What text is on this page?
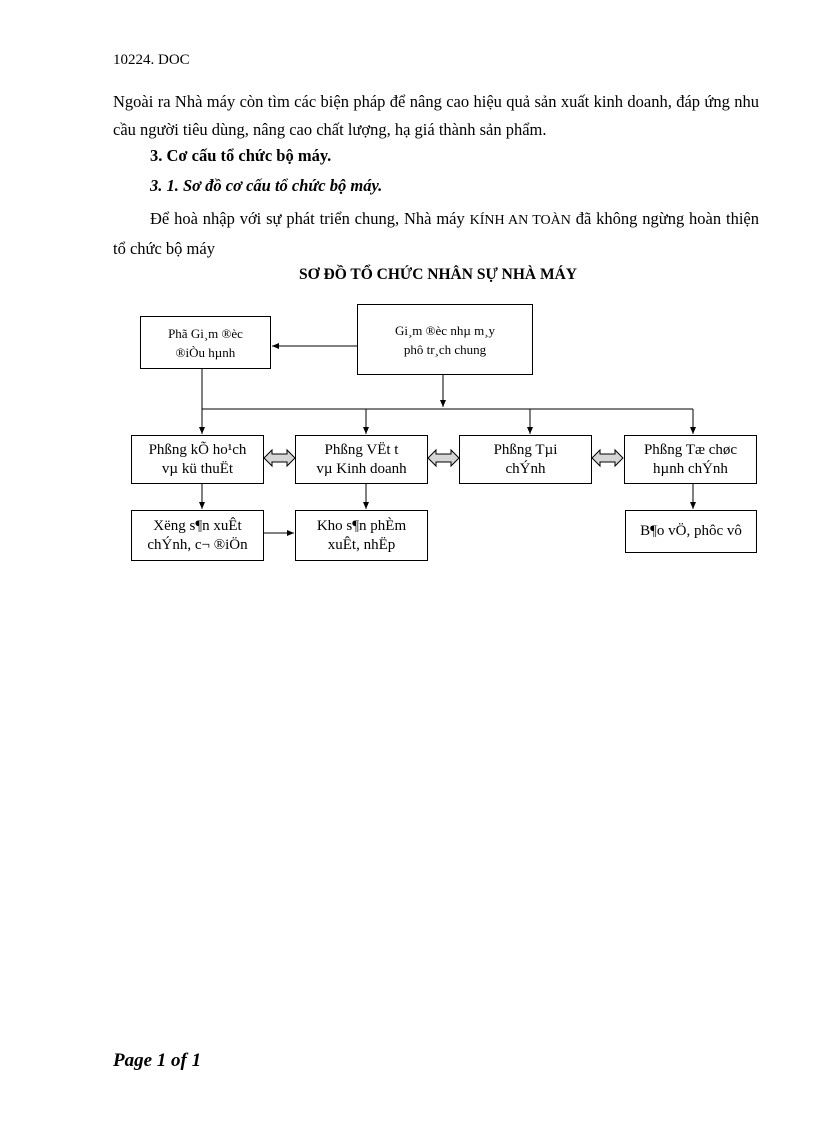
10224. DOC
Ngoài ra Nhà máy còn tìm các biện pháp để nâng cao hiệu quả sản xuất kinh doanh, đáp ứng nhu cầu người tiêu dùng, nâng cao chất lượng, hạ giá thành sản phẩm.
3. Cơ cấu tổ chức bộ máy.
3. 1. Sơ đồ cơ cấu tổ chức bộ máy.
Để hoà nhập với sự phát triển chung, Nhà máy KÍNH AN TOÀN đã không ngừng hoàn thiện tổ chức bộ máy
SƠ ĐỒ TỔ CHỨC NHÂN SỰ NHÀ MÁY
Gi¸m ®èc nhµ m¸y
phô tr¸ch chung
Phã Gi¸m ®èc
®iÒu hµnh
Phßng kÕ ho¹ch
vµ kü thuËt
Phßng VËt t
vµ Kinh doanh
Phßng Tµi
chÝnh
Phßng Tæ chøc
hµnh chÝnh
Xëng s¶n xuÊt
chÝnh, c¬ ®iÖn
Kho s¶n phÈm
xuÊt, nhËp
B¶o vÖ, phôc vô
Page 1 of 1
